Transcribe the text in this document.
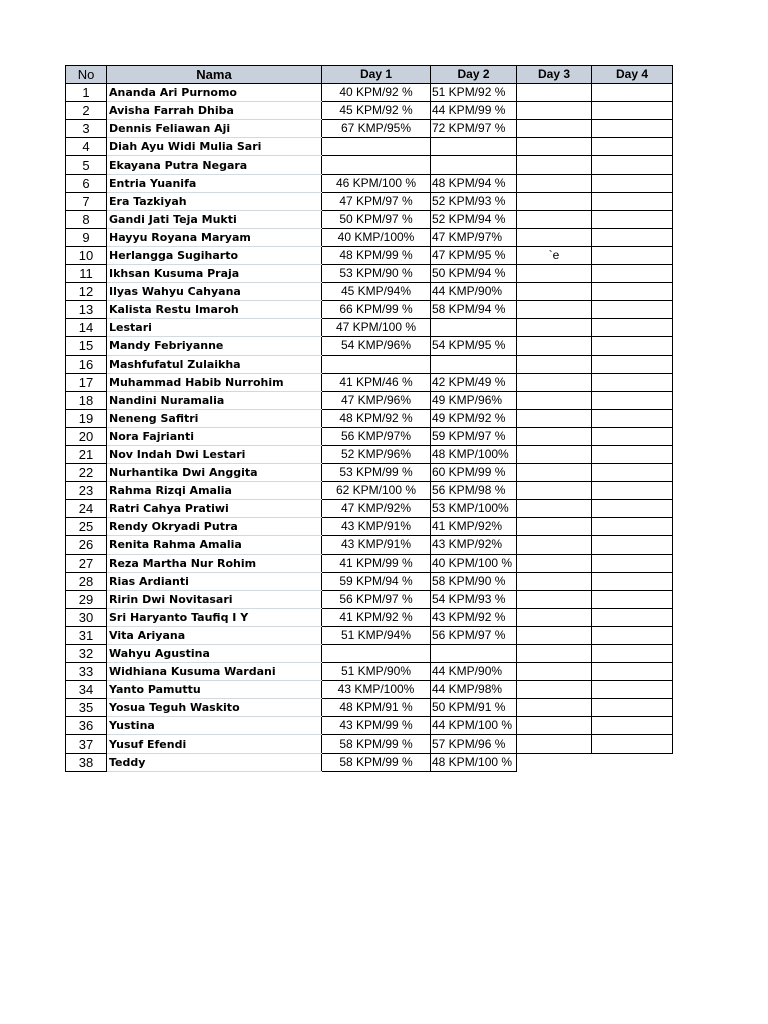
No	Nama	Day 1	Day 2	Day 3	Day 4
1	Ananda Ari Purnomo	40 KPM/92 %	51 KPM/92 %		
2	Avisha Farrah Dhiba	45 KPM/92 %	44 KPM/99 %		
3	Dennis Feliawan Aji	67 KMP/95%	72 KPM/97 %		
4	Diah Ayu Widi Mulia Sari				
5	Ekayana Putra Negara				
6	Entria Yuanifa	46 KPM/100 %	48 KPM/94 %		
7	Era Tazkiyah	47 KPM/97 %	52 KPM/93 %		
8	Gandi Jati Teja Mukti	50 KPM/97 %	52 KPM/94 %		
9	Hayyu Royana Maryam	40 KMP/100%	47 KMP/97%		
10	Herlangga Sugiharto	48 KPM/99 %	47 KPM/95 %	`e	
11	Ikhsan Kusuma Praja	53 KPM/90 %	50 KPM/94 %		
12	Ilyas Wahyu Cahyana	45 KMP/94%	44 KMP/90%		
13	Kalista Restu Imaroh	66 KPM/99 %	58 KPM/94 %		
14	Lestari	47 KPM/100 %			
15	Mandy Febriyanne	54 KMP/96%	54 KPM/95 %		
16	Mashfufatul Zulaikha				
17	Muhammad Habib Nurrohim	41 KPM/46 %	42 KPM/49 %		
18	Nandini Nuramalia	47 KMP/96%	49 KMP/96%		
19	Neneng Safitri	48 KPM/92 %	49 KPM/92 %		
20	Nora Fajrianti	56 KMP/97%	59 KPM/97 %		
21	Nov Indah Dwi Lestari	52 KMP/96%	48 KMP/100%		
22	Nurhantika Dwi Anggita	53 KPM/99 %	60 KPM/99 %		
23	Rahma Rizqi Amalia	62 KPM/100 %	56 KPM/98 %		
24	Ratri Cahya Pratiwi	47 KMP/92%	53 KMP/100%		
25	Rendy Okryadi Putra	43 KMP/91%	41 KMP/92%		
26	Renita Rahma Amalia	43 KMP/91%	43 KMP/92%		
27	Reza Martha Nur Rohim	41 KPM/99 %	40 KPM/100 %		
28	Rias Ardianti	59 KPM/94 %	58 KPM/90 %		
29	Ririn Dwi Novitasari	56 KPM/97 %	54 KPM/93 %		
30	Sri Haryanto Taufiq I Y	41 KPM/92 %	43 KPM/92 %		
31	Vita Ariyana	51 KMP/94%	56 KPM/97 %		
32	Wahyu Agustina				
33	Widhiana Kusuma Wardani	51 KMP/90%	44 KMP/90%		
34	Yanto Pamuttu	43 KMP/100%	44 KMP/98%		
35	Yosua Teguh Waskito	48 KPM/91 %	50 KPM/91 %		
36	Yustina	43 KPM/99 %	44 KPM/100 %		
37	Yusuf Efendi	58 KPM/99 %	57 KPM/96 %		
38	Teddy	58 KPM/99 %	48 KPM/100 %		
